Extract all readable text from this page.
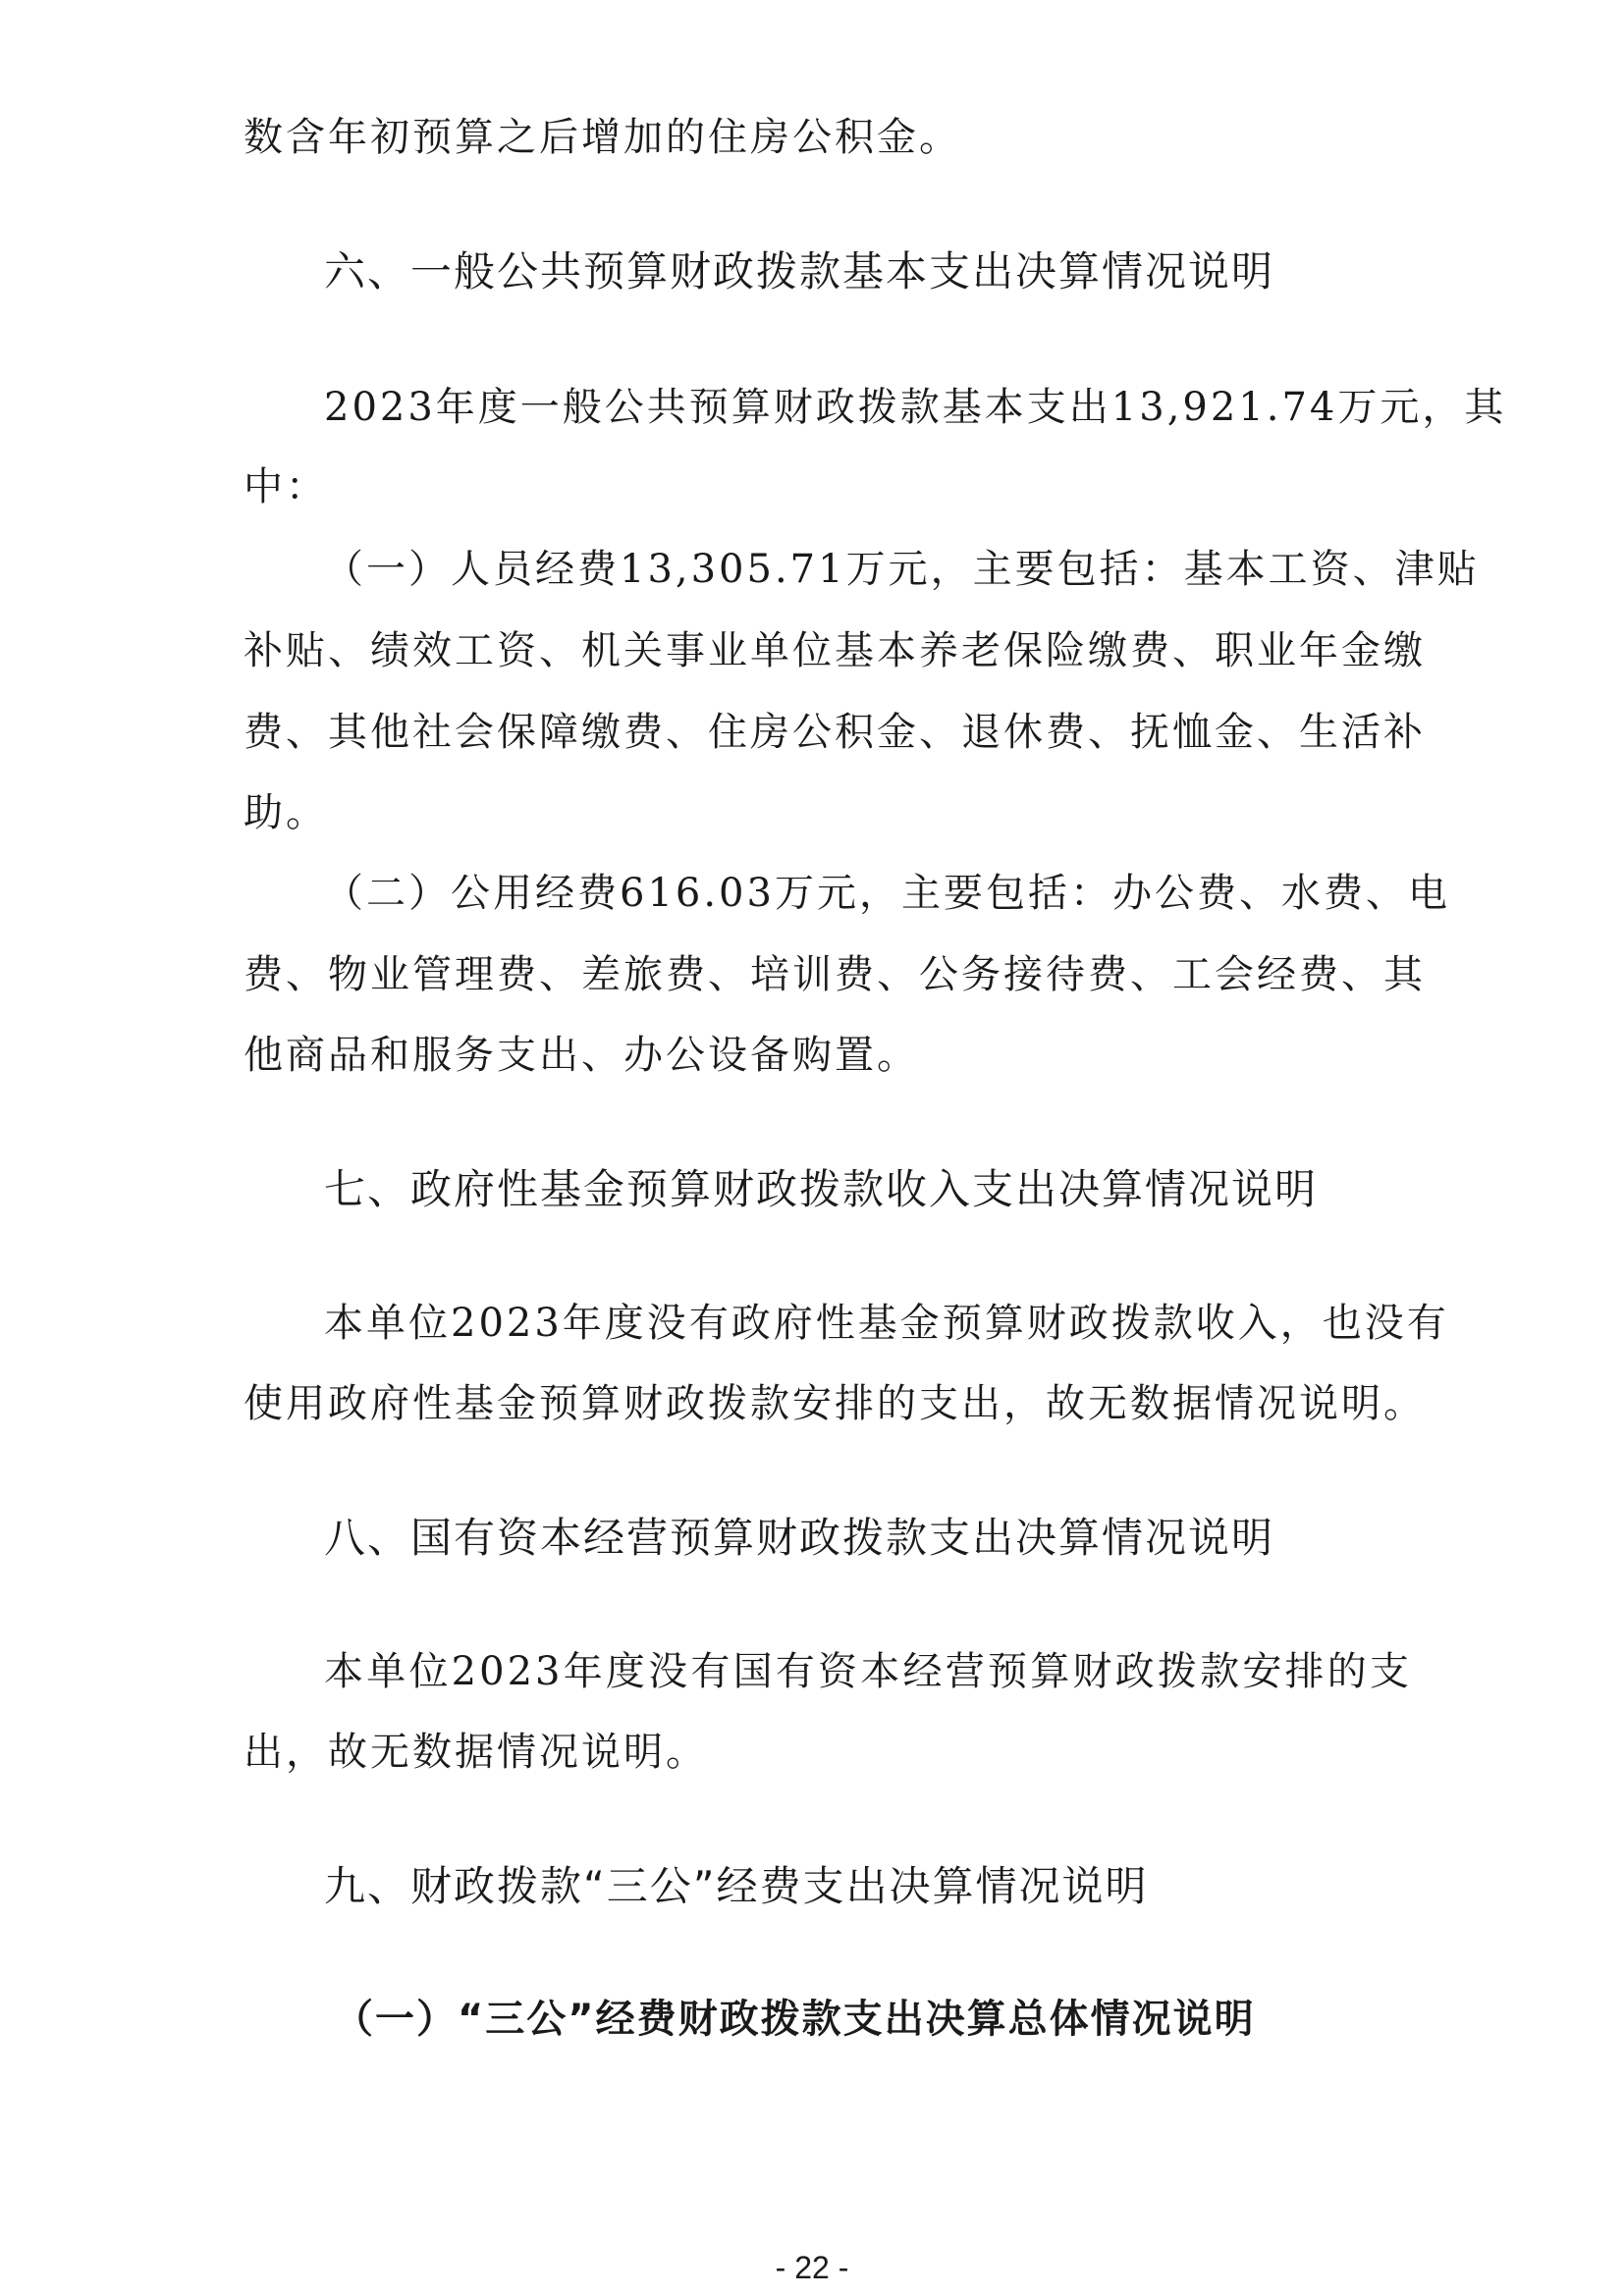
数含年初预算之后增加的住房公积金。
六、一般公共预算财政拨款基本支出决算情况说明
2023年度一般公共预算财政拨款基本支出13,921.74万元，其
中：
（一）人员经费13,305.71万元，主要包括：基本工资、津贴
补贴、绩效工资、机关事业单位基本养老保险缴费、职业年金缴
费、其他社会保障缴费、住房公积金、退休费、抚恤金、生活补
助。
（二）公用经费616.03万元，主要包括：办公费、水费、电
费、物业管理费、差旅费、培训费、公务接待费、工会经费、其
他商品和服务支出、办公设备购置。
七、政府性基金预算财政拨款收入支出决算情况说明
本单位2023年度没有政府性基金预算财政拨款收入，也没有
使用政府性基金预算财政拨款安排的支出，故无数据情况说明。
八、国有资本经营预算财政拨款支出决算情况说明
本单位2023年度没有国有资本经营预算财政拨款安排的支
出，故无数据情况说明。
九、财政拨款“三公”经费支出决算情况说明
（一）“三公”经费财政拨款支出决算总体情况说明
- 22 -
